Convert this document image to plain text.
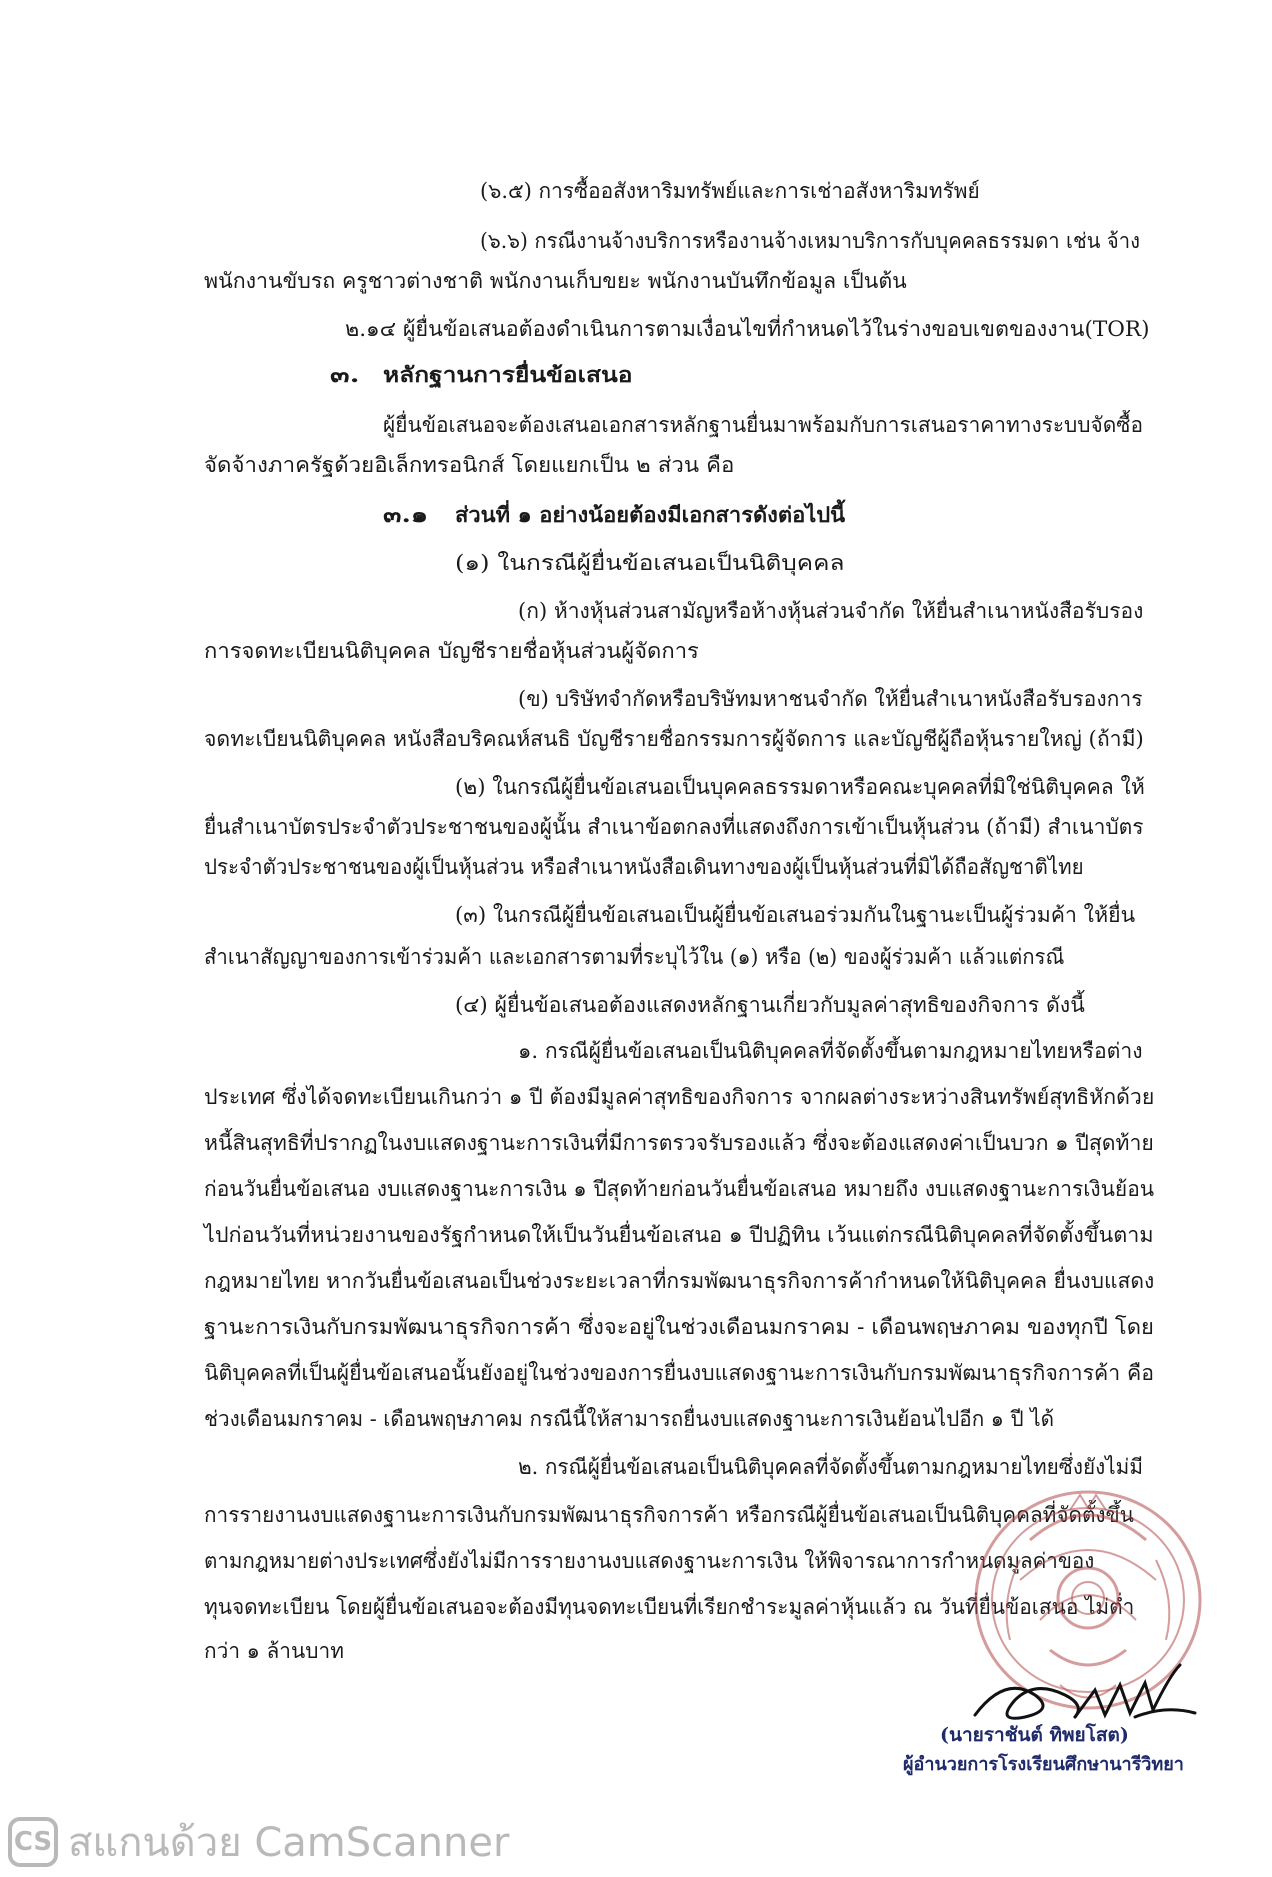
(๖.๕) การซื้ออสังหาริมทรัพย์และการเช่าอสังหาริมทรัพย์
(๖.๖) กรณีงานจ้างบริการหรืองานจ้างเหมาบริการกับบุคคลธรรมดา เช่น จ้าง
พนักงานขับรถ ครูชาวต่างชาติ พนักงานเก็บขยะ พนักงานบันทึกข้อมูล เป็นต้น
๒.๑๔ ผู้ยื่นข้อเสนอต้องดำเนินการตามเงื่อนไขที่กำหนดไว้ในร่างขอบเขตของงาน(TOR)
๓. หลักฐานการยื่นข้อเสนอ
ผู้ยื่นข้อเสนอจะต้องเสนอเอกสารหลักฐานยื่นมาพร้อมกับการเสนอราคาทางระบบจัดซื้อ
จัดจ้างภาครัฐด้วยอิเล็กทรอนิกส์ โดยแยกเป็น ๒ ส่วน คือ
๓.๑ ส่วนที่ ๑ อย่างน้อยต้องมีเอกสารดังต่อไปนี้
(๑) ในกรณีผู้ยื่นข้อเสนอเป็นนิติบุคคล
(ก) ห้างหุ้นส่วนสามัญหรือห้างหุ้นส่วนจำกัด ให้ยื่นสำเนาหนังสือรับรอง
การจดทะเบียนนิติบุคคล บัญชีรายชื่อหุ้นส่วนผู้จัดการ
(ข) บริษัทจำกัดหรือบริษัทมหาชนจำกัด ให้ยื่นสำเนาหนังสือรับรองการ
จดทะเบียนนิติบุคคล หนังสือบริคณห์สนธิ บัญชีรายชื่อกรรมการผู้จัดการ และบัญชีผู้ถือหุ้นรายใหญ่ (ถ้ามี)
(๒) ในกรณีผู้ยื่นข้อเสนอเป็นบุคคลธรรมดาหรือคณะบุคคลที่มิใช่นิติบุคคล ให้
ยื่นสำเนาบัตรประจำตัวประชาชนของผู้นั้น สำเนาข้อตกลงที่แสดงถึงการเข้าเป็นหุ้นส่วน (ถ้ามี) สำเนาบัตร
ประจำตัวประชาชนของผู้เป็นหุ้นส่วน หรือสำเนาหนังสือเดินทางของผู้เป็นหุ้นส่วนที่มิได้ถือสัญชาติไทย
(๓) ในกรณีผู้ยื่นข้อเสนอเป็นผู้ยื่นข้อเสนอร่วมกันในฐานะเป็นผู้ร่วมค้า ให้ยื่น
สำเนาสัญญาของการเข้าร่วมค้า และเอกสารตามที่ระบุไว้ใน (๑) หรือ (๒) ของผู้ร่วมค้า แล้วแต่กรณี
(๔) ผู้ยื่นข้อเสนอต้องแสดงหลักฐานเกี่ยวกับมูลค่าสุทธิของกิจการ ดังนี้
๑. กรณีผู้ยื่นข้อเสนอเป็นนิติบุคคลที่จัดตั้งขึ้นตามกฎหมายไทยหรือต่าง
ประเทศ ซึ่งได้จดทะเบียนเกินกว่า ๑ ปี ต้องมีมูลค่าสุทธิของกิจการ จากผลต่างระหว่างสินทรัพย์สุทธิหักด้วย
หนี้สินสุทธิที่ปรากฏในงบแสดงฐานะการเงินที่มีการตรวจรับรองแล้ว ซึ่งจะต้องแสดงค่าเป็นบวก ๑ ปีสุดท้าย
ก่อนวันยื่นข้อเสนอ งบแสดงฐานะการเงิน ๑ ปีสุดท้ายก่อนวันยื่นข้อเสนอ หมายถึง งบแสดงฐานะการเงินย้อน
ไปก่อนวันที่หน่วยงานของรัฐกำหนดให้เป็นวันยื่นข้อเสนอ ๑ ปีปฏิทิน เว้นแต่กรณีนิติบุคคลที่จัดตั้งขึ้นตาม
กฎหมายไทย หากวันยื่นข้อเสนอเป็นช่วงระยะเวลาที่กรมพัฒนาธุรกิจการค้ากำหนดให้นิติบุคคล ยื่นงบแสดง
ฐานะการเงินกับกรมพัฒนาธุรกิจการค้า ซึ่งจะอยู่ในช่วงเดือนมกราคม - เดือนพฤษภาคม ของทุกปี โดย
นิติบุคคลที่เป็นผู้ยื่นข้อเสนอนั้นยังอยู่ในช่วงของการยื่นงบแสดงฐานะการเงินกับกรมพัฒนาธุรกิจการค้า คือ
ช่วงเดือนมกราคม - เดือนพฤษภาคม กรณีนี้ให้สามารถยื่นงบแสดงฐานะการเงินย้อนไปอีก ๑ ปี ได้
๒. กรณีผู้ยื่นข้อเสนอเป็นนิติบุคคลที่จัดตั้งขึ้นตามกฎหมายไทยซึ่งยังไม่มี
การรายงานงบแสดงฐานะการเงินกับกรมพัฒนาธุรกิจการค้า หรือกรณีผู้ยื่นข้อเสนอเป็นนิติบุคคลที่จัดตั้งขึ้น
ตามกฎหมายต่างประเทศซึ่งยังไม่มีการรายงานงบแสดงฐานะการเงิน ให้พิจารณาการกำหนดมูลค่าของ
ทุนจดทะเบียน โดยผู้ยื่นข้อเสนอจะต้องมีทุนจดทะเบียนที่เรียกชำระมูลค่าหุ้นแล้ว ณ วันที่ยื่นข้อเสนอ ไม่ต่ำ
กว่า ๑ ล้านบาท
(นายราชันต์ ทิพยโสต)
ผู้อำนวยการโรงเรียนศึกษานารีวิทยา
CS สแกนด้วย CamScanner
